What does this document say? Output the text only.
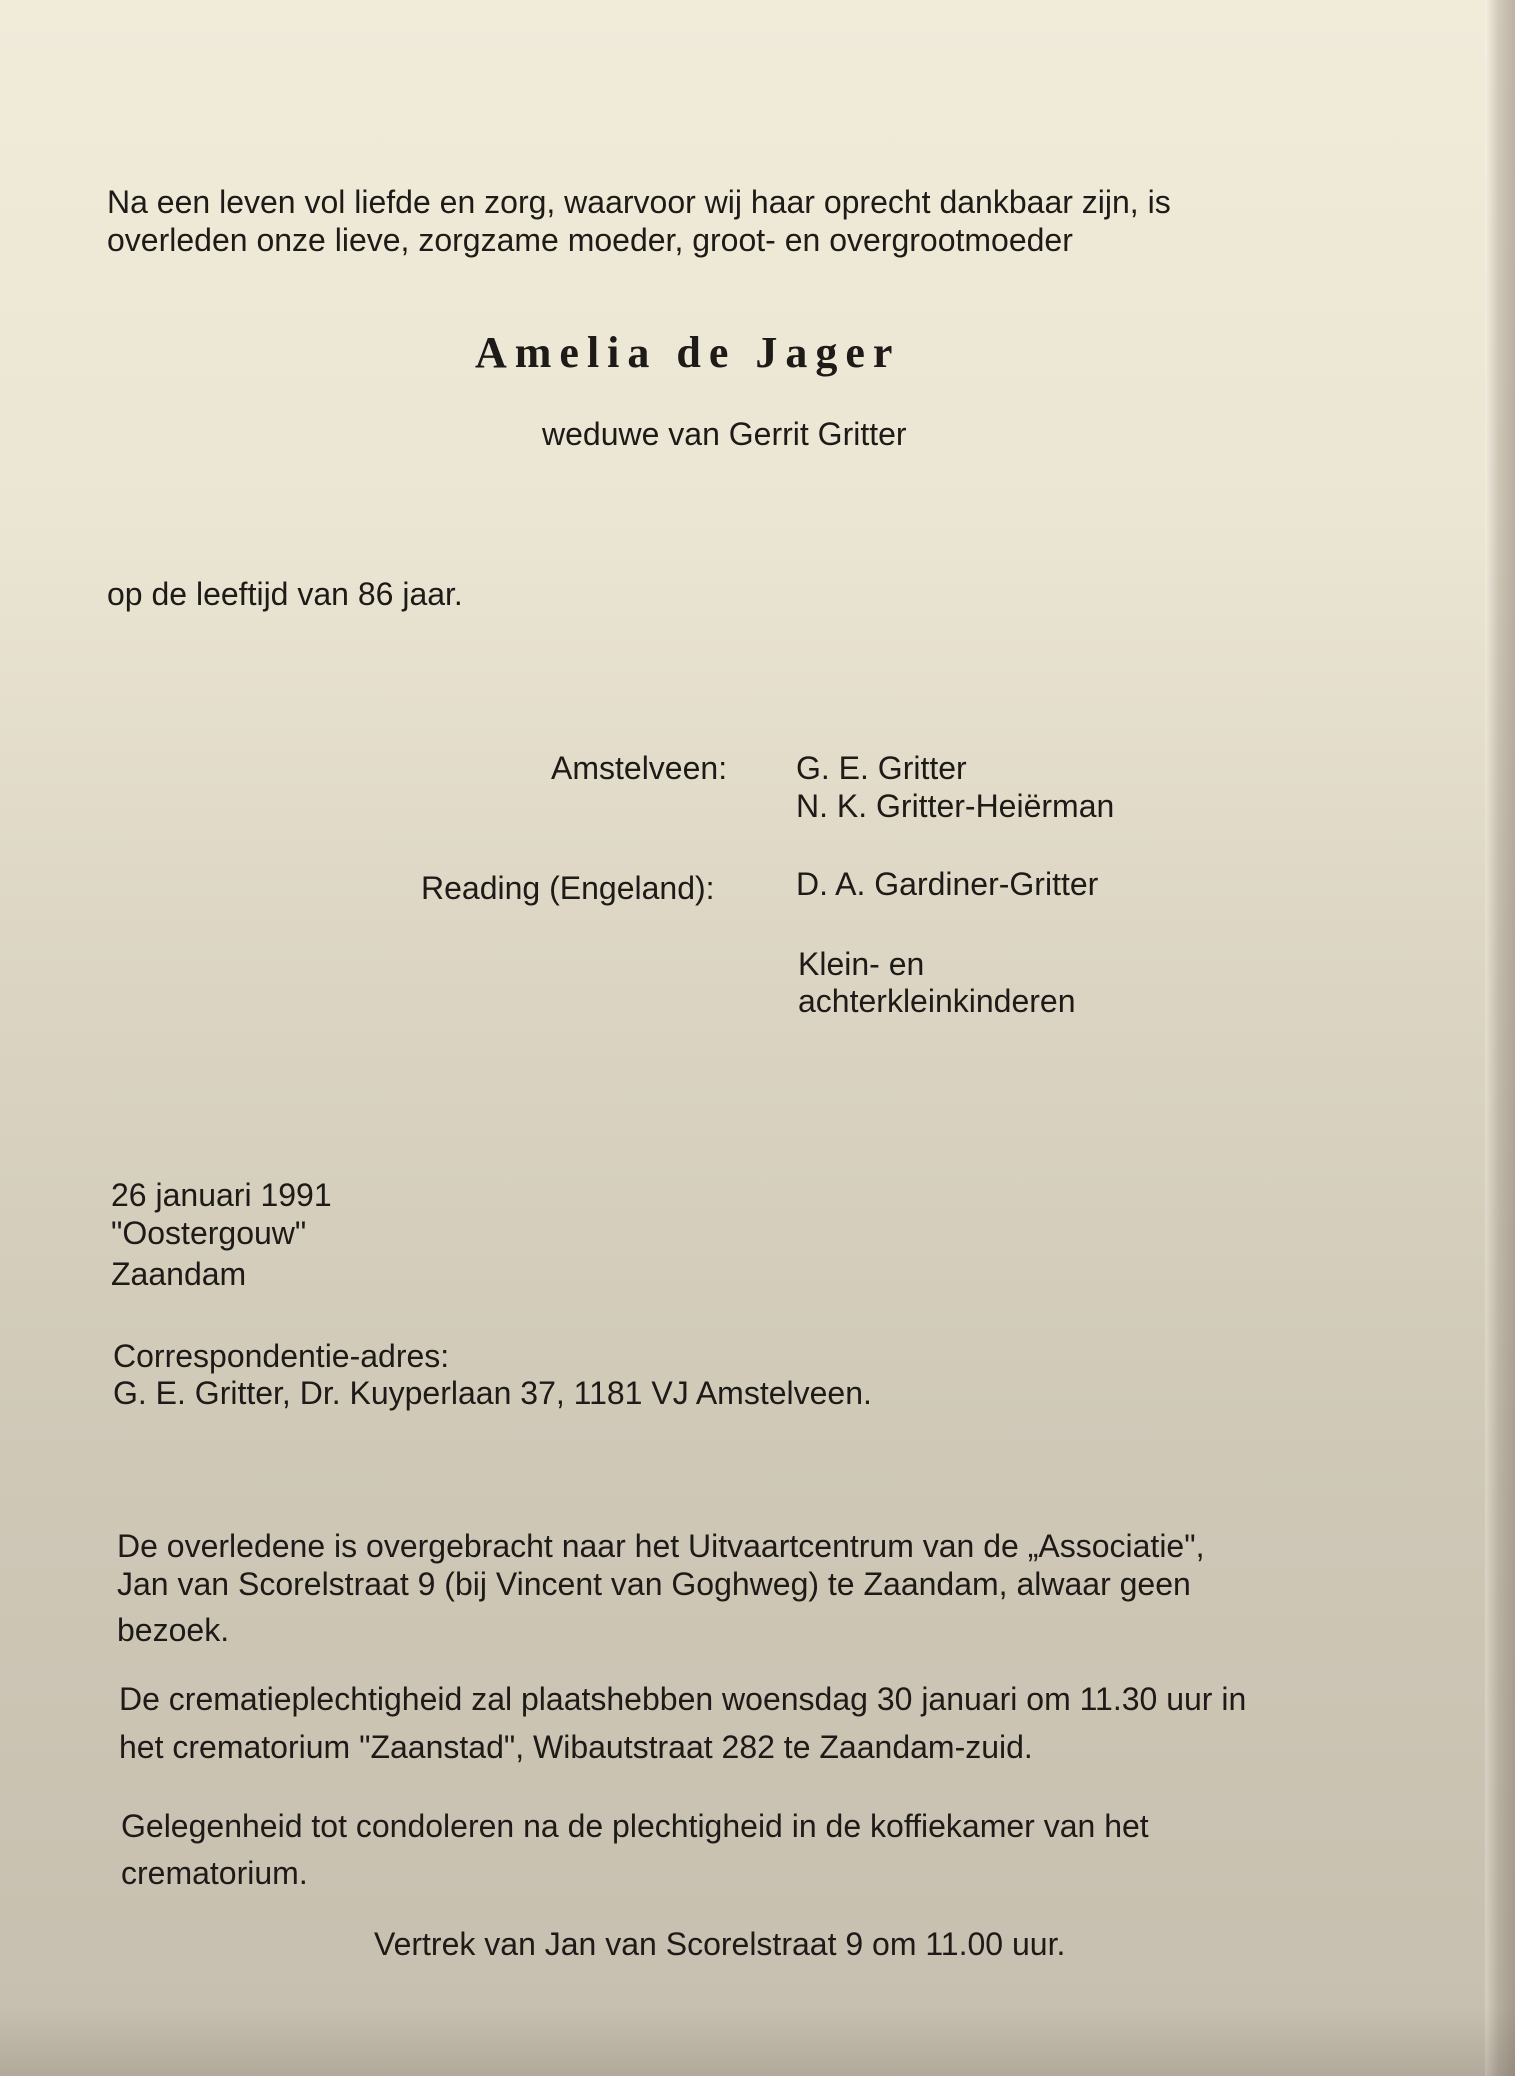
Na een leven vol liefde en zorg, waarvoor wij haar oprecht dankbaar zijn, is
overleden onze lieve, zorgzame moeder, groot- en overgrootmoeder
Amelia de Jager
weduwe van Gerrit Gritter
op de leeftijd van 86 jaar.
Amstelveen: G. E. Gritter
N. K. Gritter-Heiërman
Reading (Engeland):	D. A. Gardiner-Gritter
Klein- en
achterkleinkinderen
26 januari 1991
"Oostergouw"
Zaandam
Correspondentie-adres:
G. E. Gritter, Dr. Kuyperlaan 37, 1181 VJ Amstelveen.
De overledene is overgebracht naar het Uitvaartcentrum van de „Associatie",
Jan van Scorelstraat 9 (bij Vincent van Goghweg) te Zaandam, alwaar geen
bezoek.
De crematieplechtigheid zal plaatshebben woensdag 30 januari om 11.30 uur in
het crematorium "Zaanstad", Wibautstraat 282 te Zaandam-zuid.
Gelegenheid tot condoleren na de plechtigheid in de koffiekamer van het
crematorium.
Vertrek van Jan van Scorelstraat 9 om 11.00 uur.
